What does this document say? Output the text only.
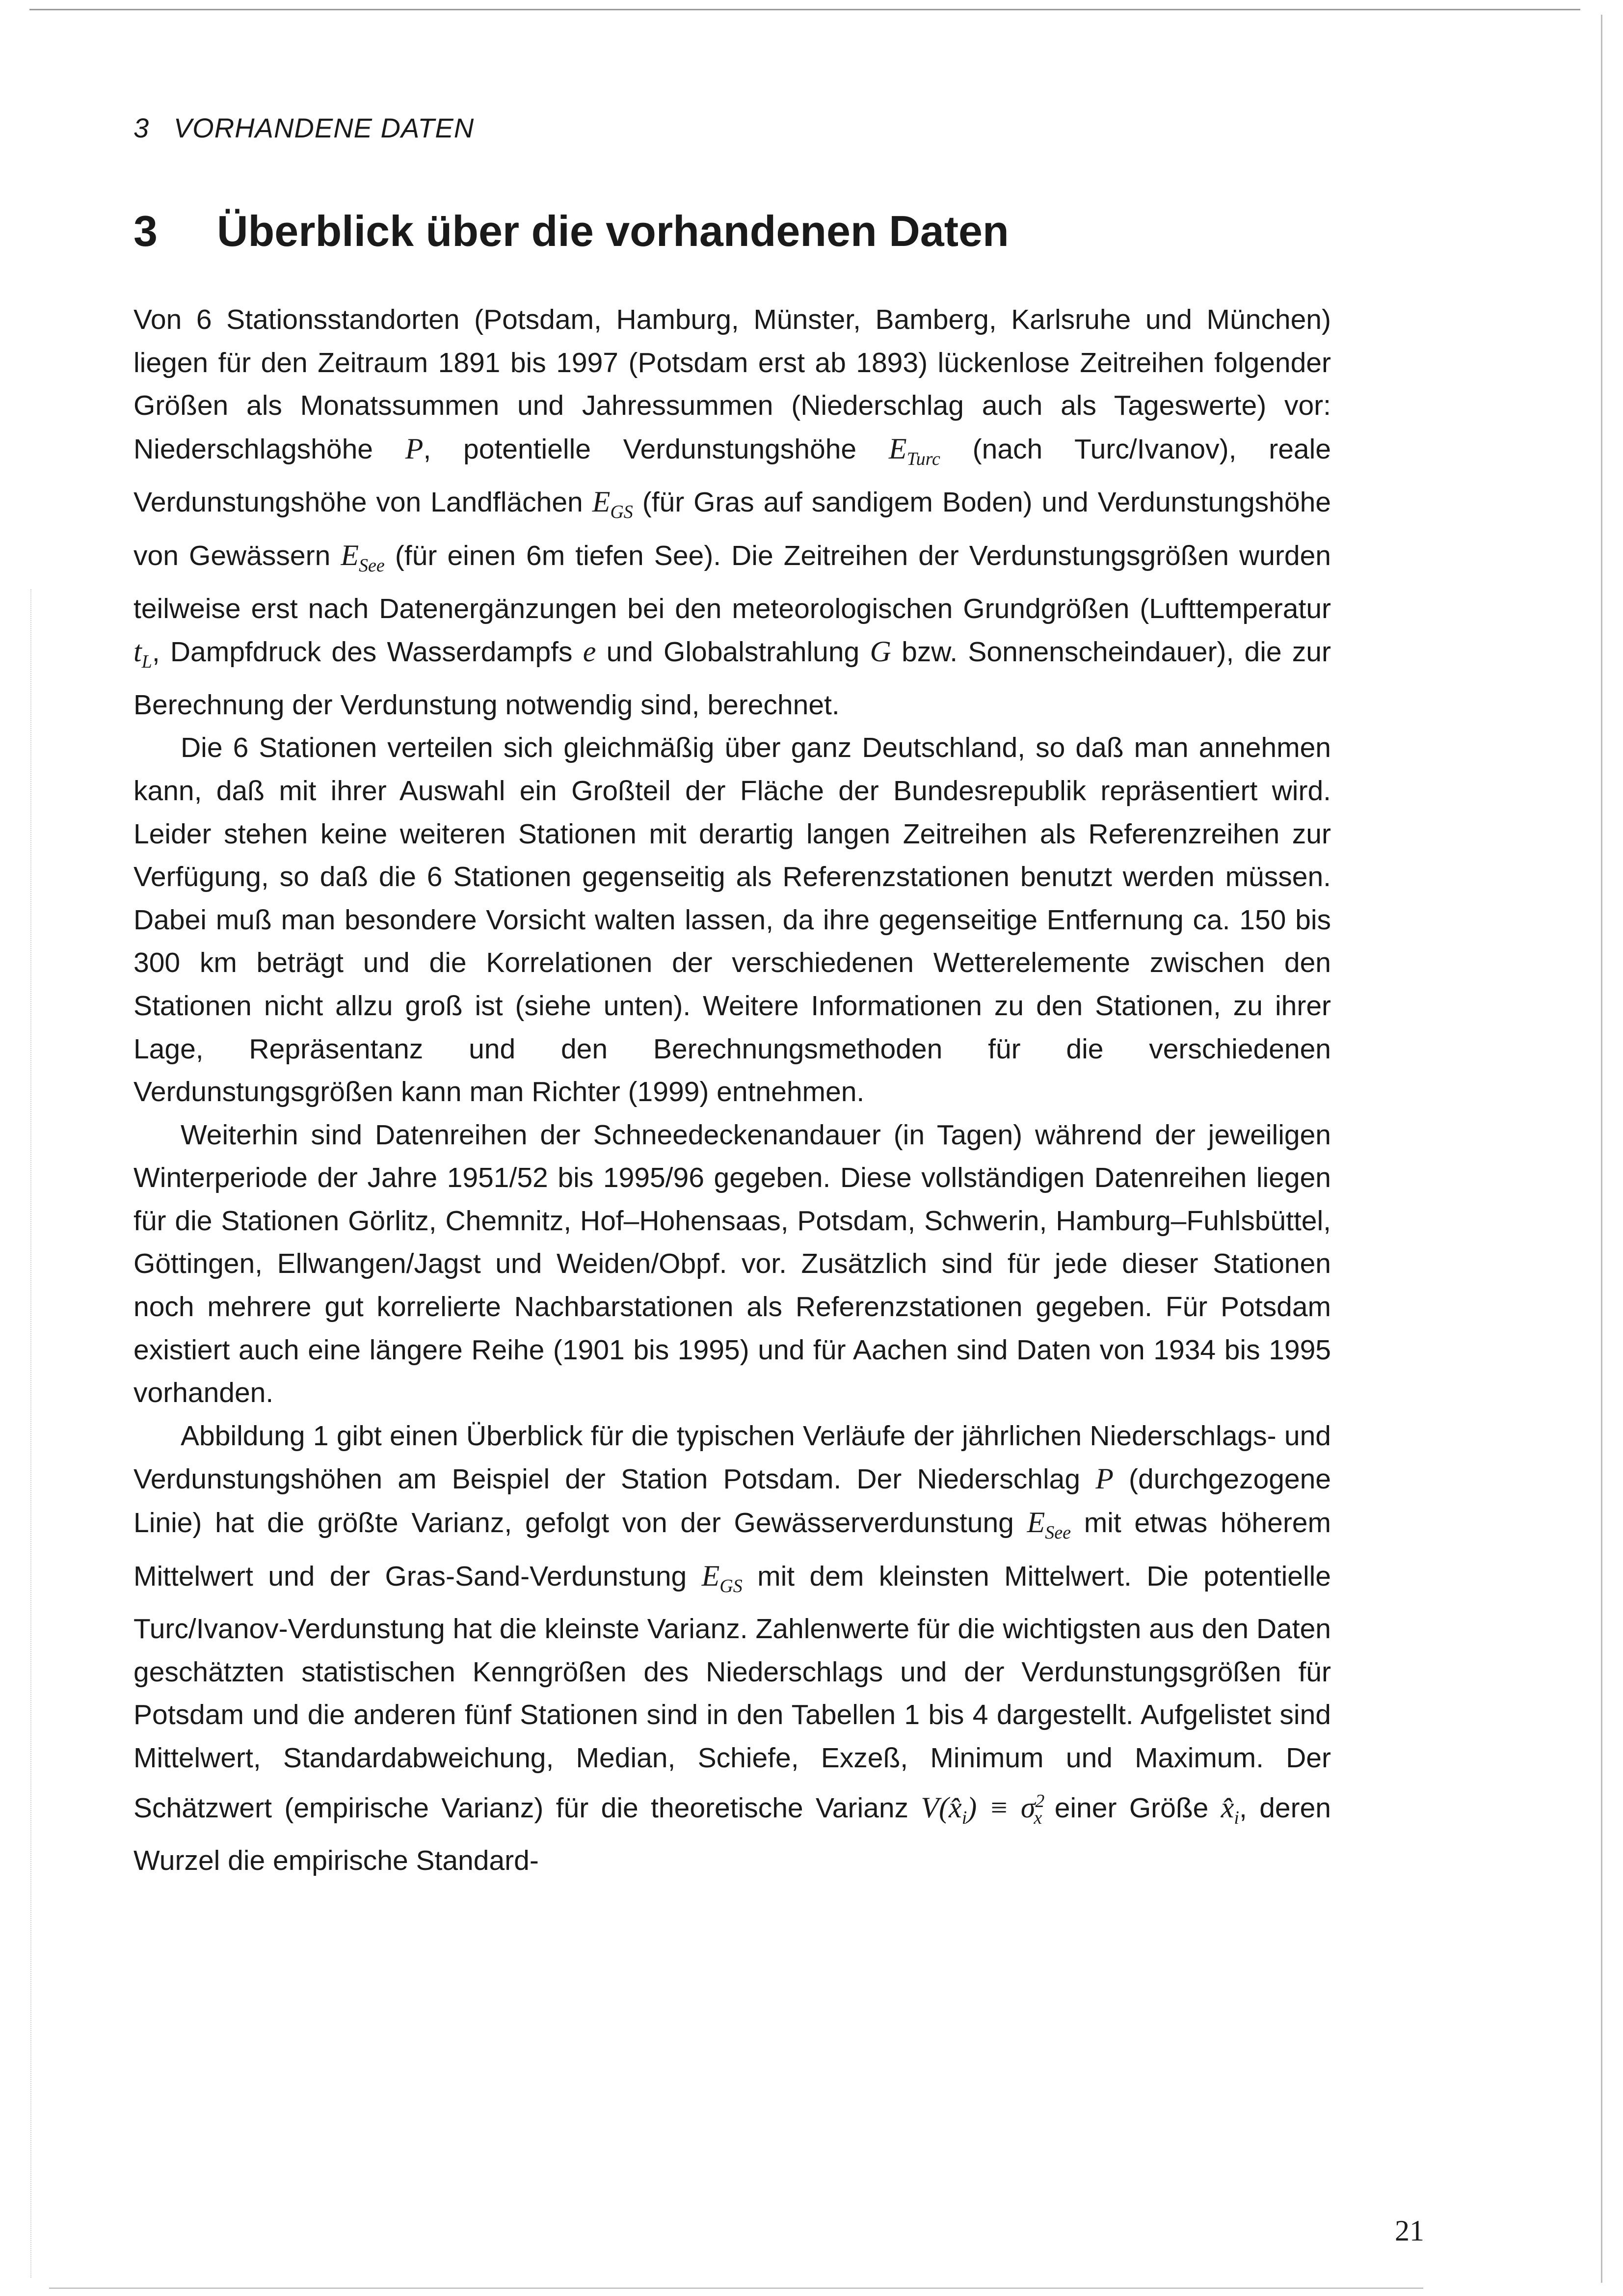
3   VORHANDENE DATEN
3 Überblick über die vorhandenen Daten

Von 6 Stationsstandorten (Potsdam, Hamburg, Münster, Bamberg, Karlsruhe und München) liegen für den Zeitraum 1891 bis 1997 (Potsdam erst ab 1893) lückenlose Zeitreihen folgender Größen als Monatssummen und Jahressummen (Niederschlag auch als Tageswerte) vor: Niederschlagshöhe P, potentielle Verdunstungshöhe $E_{Turc}$ (nach Turc/Ivanov), reale Verdunstungshöhe von Landflächen $E_{GS}$ (für Gras auf sandigem Boden) und Verdunstungshöhe von Gewässern $E_{See}$ (für einen 6m tiefen See). Die Zeitreihen der Verdunstungsgrößen wurden teilweise erst nach Datenergänzungen bei den meteorologischen Grundgrößen (Lufttemperatur $t_L$, Dampfdruck des Wasserdampfs e und Globalstrahlung G bzw. Sonnenscheindauer), die zur Berechnung der Verdunstung notwendig sind, berechnet.

Die 6 Stationen verteilen sich gleichmäßig über ganz Deutschland, so daß man annehmen kann, daß mit ihrer Auswahl ein Großteil der Fläche der Bundesrepublik repräsentiert wird. Leider stehen keine weiteren Stationen mit derartig langen Zeitreihen als Referenzreihen zur Verfügung, so daß die 6 Stationen gegenseitig als Referenzstationen benutzt werden müssen. Dabei muß man besondere Vorsicht walten lassen, da ihre gegenseitige Entfernung ca. 150 bis 300 km beträgt und die Korrelationen der verschiedenen Wetterelemente zwischen den Stationen nicht allzu groß ist (siehe unten). Weitere Informationen zu den Stationen, zu ihrer Lage, Repräsentanz und den Berechnungsmethoden für die verschiedenen Verdunstungsgrößen kann man Richter (1999) entnehmen.

Weiterhin sind Datenreihen der Schneedeckenandauer (in Tagen) während der jeweiligen Winterperiode der Jahre 1951/52 bis 1995/96 gegeben. Diese vollständigen Datenreihen liegen für die Stationen Görlitz, Chemnitz, Hof–Hohensaas, Potsdam, Schwerin, Hamburg–Fuhlsbüttel, Göttingen, Ellwangen/Jagst und Weiden/Obpf. vor. Zusätzlich sind für jede dieser Stationen noch mehrere gut korrelierte Nachbarstationen als Referenzstationen gegeben. Für Potsdam existiert auch eine längere Reihe (1901 bis 1995) und für Aachen sind Daten von 1934 bis 1995 vorhanden.

Abbildung 1 gibt einen Überblick für die typischen Verläufe der jährlichen Niederschlags- und Verdunstungshöhen am Beispiel der Station Potsdam. Der Niederschlag P (durchgezogene Linie) hat die größte Varianz, gefolgt von der Gewässerverdunstung $E_{See}$ mit etwas höherem Mittelwert und der Gras-Sand-Verdunstung $E_{GS}$ mit dem kleinsten Mittelwert. Die potentielle Turc/Ivanov-Verdunstung hat die kleinste Varianz. Zahlenwerte für die wichtigsten aus den Daten geschätzten statistischen Kenngrößen des Niederschlags und der Verdunstungsgrößen für Potsdam und die anderen fünf Stationen sind in den Tabellen 1 bis 4 dargestellt. Aufgelistet sind Mittelwert, Standardabweichung, Median, Schiefe, Exzeß, Minimum und Maximum. Der Schätzwert (empirische Varianz) für die theoretische Varianz $V(x̂_i) \equiv \sigma^2_x$ einer Größe $x̂_i$, deren Wurzel die empirische Standard-

21
